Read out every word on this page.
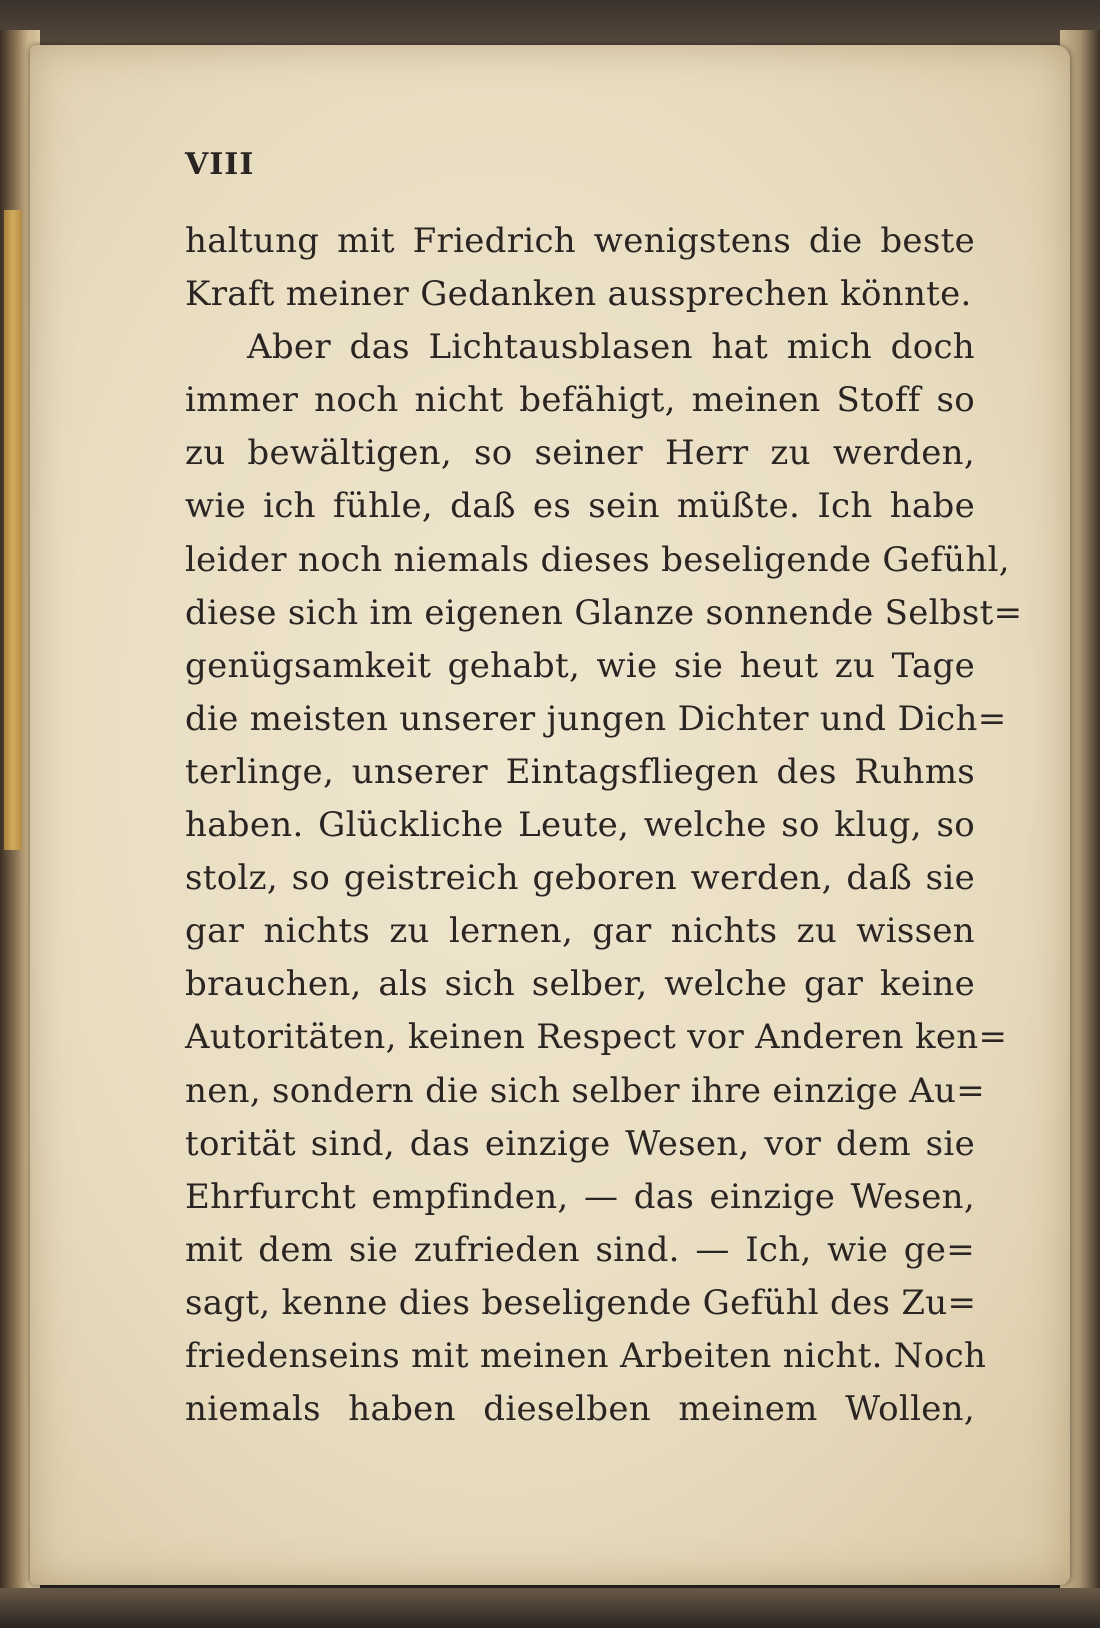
VIII
haltung mit Friedrich wenigstens die beste
Kraft meiner Gedanken aussprechen könnte.
Aber das Lichtausblasen hat mich doch
immer noch nicht befähigt, meinen Stoff so
zu bewältigen, so seiner Herr zu werden,
wie ich fühle, daß es sein müßte. Ich habe
leider noch niemals dieses beseligende Gefühl,
diese sich im eigenen Glanze sonnende Selbst=
genügsamkeit gehabt, wie sie heut zu Tage
die meisten unserer jungen Dichter und Dich=
terlinge, unserer Eintagsfliegen des Ruhms
haben. Glückliche Leute, welche so klug, so
stolz, so geistreich geboren werden, daß sie
gar nichts zu lernen, gar nichts zu wissen
brauchen, als sich selber, welche gar keine
Autoritäten, keinen Respect vor Anderen ken=
nen, sondern die sich selber ihre einzige Au=
torität sind, das einzige Wesen, vor dem sie
Ehrfurcht empfinden, — das einzige Wesen,
mit dem sie zufrieden sind. — Ich, wie ge=
sagt, kenne dies beseligende Gefühl des Zu=
friedenseins mit meinen Arbeiten nicht. Noch
niemals haben dieselben meinem Wollen,
